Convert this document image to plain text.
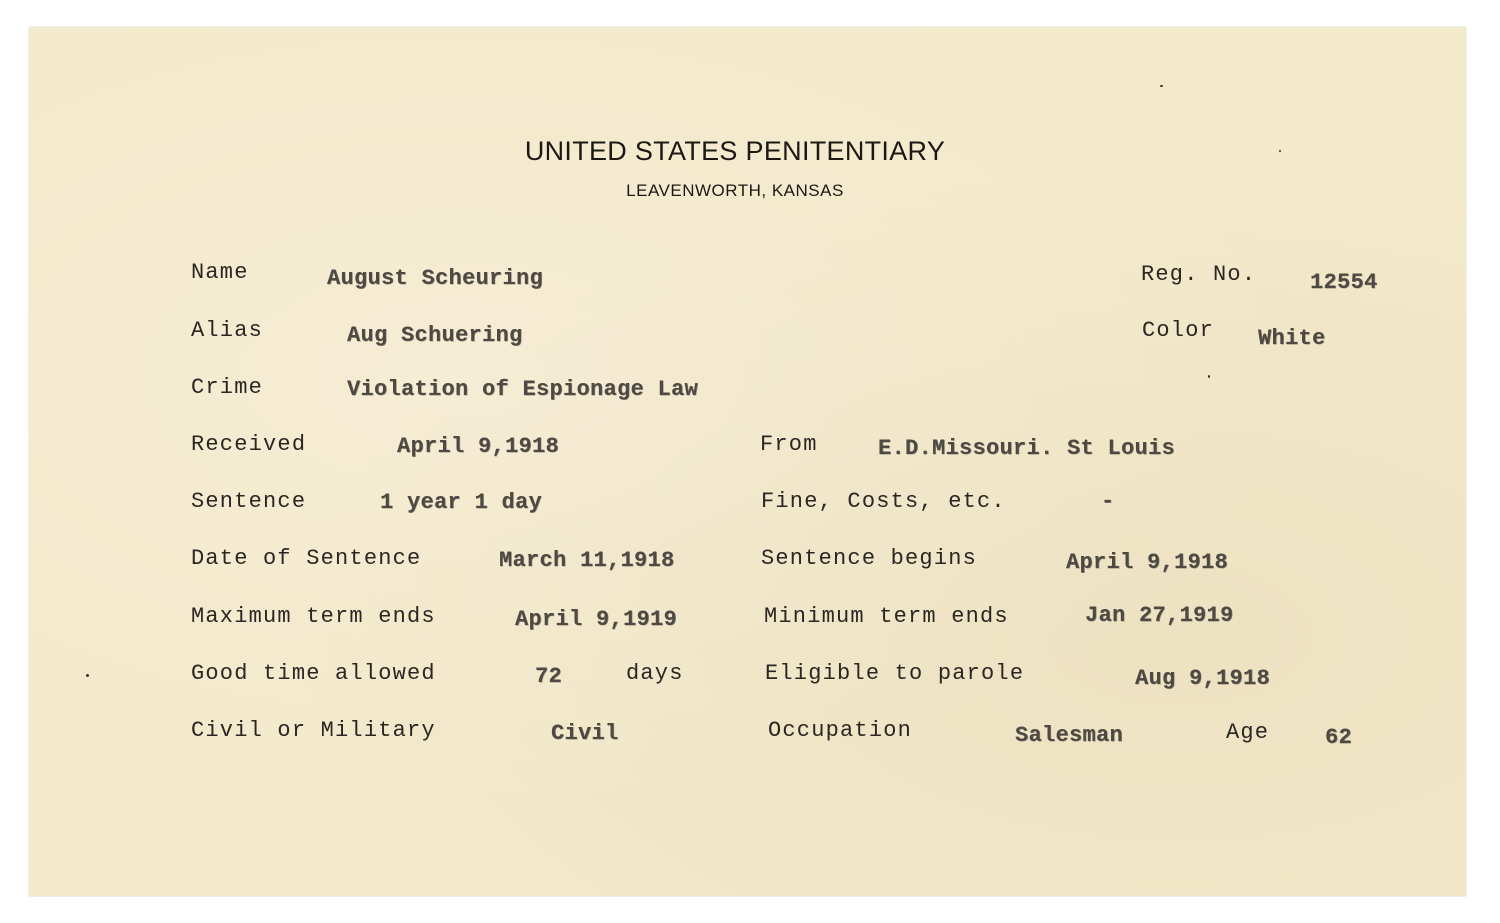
UNITED STATES PENITENTIARY
LEAVENWORTH, KANSAS
Name	August Scheuring	Reg. No. 12554
Alias	Aug Schuering	Color White
Crime	Violation of Espionage Law
Received	April 9,1918	From	E.D.Missouri. St Louis
Sentence	1 year 1 day	Fine, Costs, etc.	-
Date of Sentence	March 11,1918	Sentence begins	April 9,1918
Maximum term ends	April 9,1919	Minimum term ends	Jan 27,1919
Good time allowed	72	days	Eligible to parole	Aug 9,1918
Civil or Military	Civil	Occupation	Salesman	Age	62
